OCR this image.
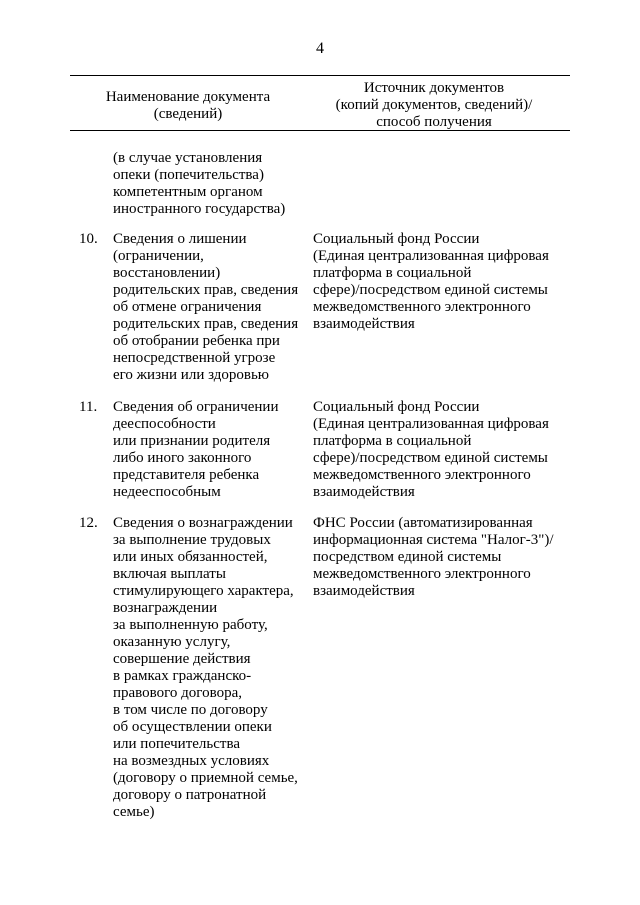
4
Наименование документа
(сведений)
Источник документов
(копий документов, сведений)/
способ получения
(в случае установления
опеки (попечительства)
компетентным органом
иностранного государства)
10. Сведения о лишении
(ограничении,
восстановлении)
родительских прав, сведения
об отмене ограничения
родительских прав, сведения
об отобрании ребенка при
непосредственной угрозе
его жизни или здоровью
Социальный фонд России
(Единая централизованная цифровая
платформа в социальной
сфере)/посредством единой системы
межведомственного электронного
взаимодействия
11. Сведения об ограничении
дееспособности
или признании родителя
либо иного законного
представителя ребенка
недееспособным
Социальный фонд России
(Единая централизованная цифровая
платформа в социальной
сфере)/посредством единой системы
межведомственного электронного
взаимодействия
12. Сведения о вознаграждении
за выполнение трудовых
или иных обязанностей,
включая выплаты
стимулирующего характера,
вознаграждении
за выполненную работу,
оказанную услугу,
совершение действия
в рамках гражданско-
правового договора,
в том числе по договору
об осуществлении опеки
или попечительства
на возмездных условиях
(договору о приемной семье,
договору о патронатной
семье)
ФНС России (автоматизированная
информационная система "Налог-3")/
посредством единой системы
межведомственного электронного
взаимодействия
